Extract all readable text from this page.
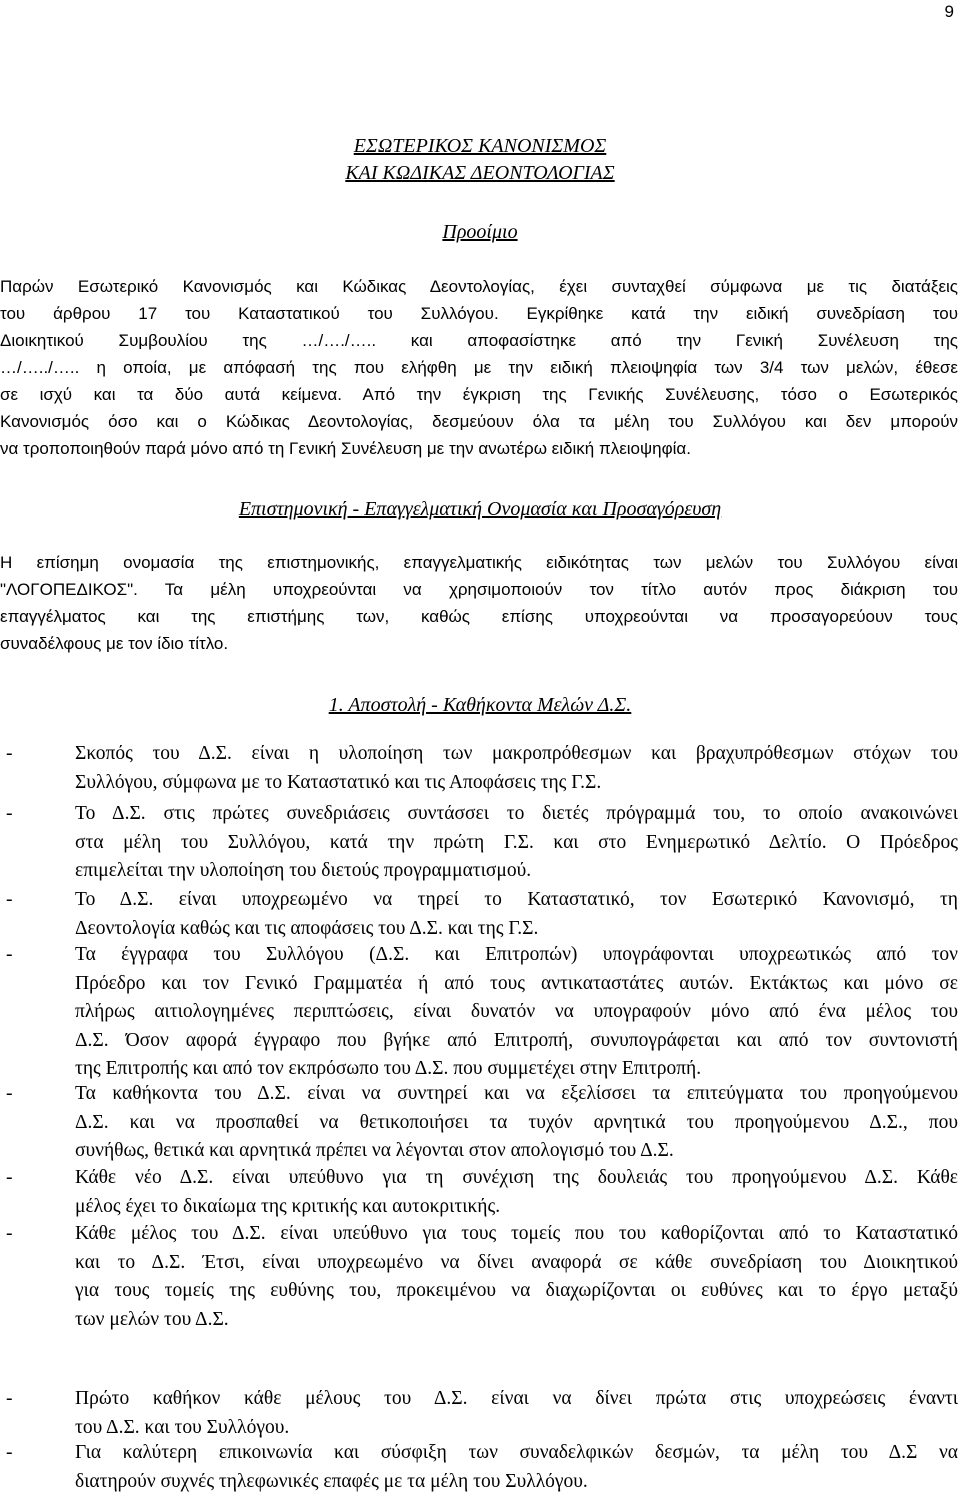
9
ΕΣΩΤΕΡΙΚΟΣ ΚΑΝΟΝΙΣΜΟΣ
ΚΑΙ ΚΩΔΙΚΑΣ ΔΕΟΝΤΟΛΟΓΙΑΣ
Προοίμιο
Παρών Εσωτερικό Κανονισμός και Κώδικας Δεοντολογίας, έχει συνταχθεί σύμφωνα με τις διατάξεις
του άρθρου 17 του Καταστατικού του Συλλόγου. Εγκρίθηκε κατά την ειδική συνεδρίαση του
Διοικητικού Συμβουλίου της …/…./….. και αποφασίστηκε από την Γενική Συνέλευση της
…/…../….. η οποία, με απόφασή της που ελήφθη με την ειδική πλειοψηφία των 3/4 των μελών, έθεσε
σε ισχύ και τα δύο αυτά κείμενα. Από την έγκριση της Γενικής Συνέλευσης, τόσο ο Εσωτερικός
Κανονισμός όσο και ο Κώδικας Δεοντολογίας, δεσμεύουν όλα τα μέλη του Συλλόγου και δεν μπορούν
να τροποποιηθούν παρά μόνο από τη Γενική Συνέλευση με την ανωτέρω ειδική πλειοψηφία.
Επιστημονική - Επαγγελματική Ονομασία και Προσαγόρευση
Η επίσημη ονομασία της επιστημονικής, επαγγελματικής ειδικότητας των μελών του Συλλόγου είναι
"ΛΟΓΟΠΕΔΙΚΟΣ". Τα μέλη υποχρεούνται να χρησιμοποιούν τον τίτλο αυτόν προς διάκριση του
επαγγέλματος και της επιστήμης των, καθώς επίσης υποχρεούνται να προσαγορεύουν τους
συναδέλφους με τον ίδιο τίτλο.
1. Αποστολή - Καθήκοντα Μελών Δ.Σ.
-	Σκοπός του Δ.Σ. είναι η υλοποίηση των μακροπρόθεσμων και βραχυπρόθεσμων στόχων του
Συλλόγου, σύμφωνα με το Καταστατικό και τις Αποφάσεις της Γ.Σ.
-	Το Δ.Σ. στις πρώτες συνεδριάσεις συντάσσει το διετές πρόγραμμά του, το οποίο ανακοινώνει
στα μέλη του Συλλόγου, κατά την πρώτη Γ.Σ. και στο Ενημερωτικό Δελτίο. Ο Πρόεδρος
επιμελείται την υλοποίηση του διετούς προγραμματισμού.
-	Το Δ.Σ. είναι υποχρεωμένο να τηρεί το Καταστατικό, τον Εσωτερικό Κανονισμό, τη
Δεοντολογία καθώς και τις αποφάσεις του Δ.Σ. και της Γ.Σ.
-	Τα έγγραφα του Συλλόγου (Δ.Σ. και Επιτροπών) υπογράφονται υποχρεωτικώς από τον
Πρόεδρο και τον Γενικό Γραμματέα ή από τους αντικαταστάτες αυτών. Εκτάκτως και μόνο σε
πλήρως αιτιολογημένες περιπτώσεις, είναι δυνατόν να υπογραφούν μόνο από ένα μέλος του
Δ.Σ. Όσον αφορά έγγραφο που βγήκε από Επιτροπή, συνυπογράφεται και από τον συντονιστή
της Επιτροπής και από τον εκπρόσωπο του Δ.Σ. που συμμετέχει στην Επιτροπή.
-	Τα καθήκοντα του Δ.Σ. είναι να συντηρεί και να εξελίσσει τα επιτεύγματα του προηγούμενου
Δ.Σ. και να προσπαθεί να θετικοποιήσει τα τυχόν αρνητικά του προηγούμενου Δ.Σ., που
συνήθως, θετικά και αρνητικά πρέπει να λέγονται στον απολογισμό του Δ.Σ.
-	Κάθε νέο Δ.Σ. είναι υπεύθυνο για τη συνέχιση της δουλειάς του προηγούμενου Δ.Σ. Κάθε
μέλος έχει το δικαίωμα της κριτικής και αυτοκριτικής.
-	Κάθε μέλος του Δ.Σ. είναι υπεύθυνο για τους τομείς που του καθορίζονται από το Καταστατικό
και το Δ.Σ. Έτσι, είναι υποχρεωμένο να δίνει αναφορά σε κάθε συνεδρίαση του Διοικητικού
για τους τομείς της ευθύνης του, προκειμένου να διαχωρίζονται οι ευθύνες και το έργο μεταξύ
των μελών του Δ.Σ.
-	Πρώτο καθήκον κάθε μέλους του Δ.Σ. είναι να δίνει πρώτα στις υποχρεώσεις έναντι
του Δ.Σ. και του Συλλόγου.
-	Για καλύτερη επικοινωνία και σύσφιξη των συναδελφικών δεσμών, τα μέλη του Δ.Σ να
διατηρούν συχνές τηλεφωνικές επαφές με τα μέλη του Συλλόγου.
